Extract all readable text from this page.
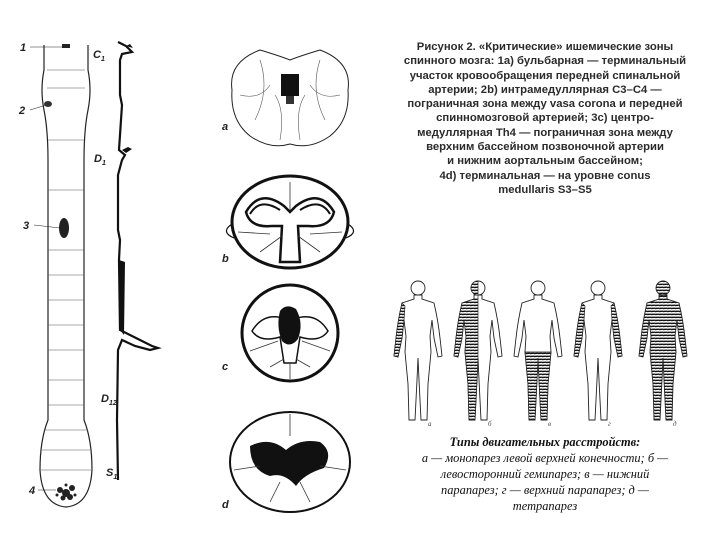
1
2
3
4
$C_1$
$D_1$
$D_{12}$
$S_1$
a
b
c
d
Рисунок 2. «Критические» ишемические зоны
спинного мозга: 1а) бульбарная — терминальный
участок кровообращения передней спинальной
артерии; 2b) интрамедуллярная C3–C4 —
пограничная зона между vasa corona и передней
спинномозговой артерией; 3с) центро-
медуллярная Th4 — пограничная зона между
верхним бассейном позвоночной артерии
и нижним аортальным бассейном;
4d) терминальная — на уровне conus
medullaris S3–S5
а	б	в	г	д
Типы двигательных расстройств:
а — монопарез левой верхней конечности; б —
левосторонний гемипарез; в — нижний
парапарез; г — верхний парапарез; д —
тетрапарез
